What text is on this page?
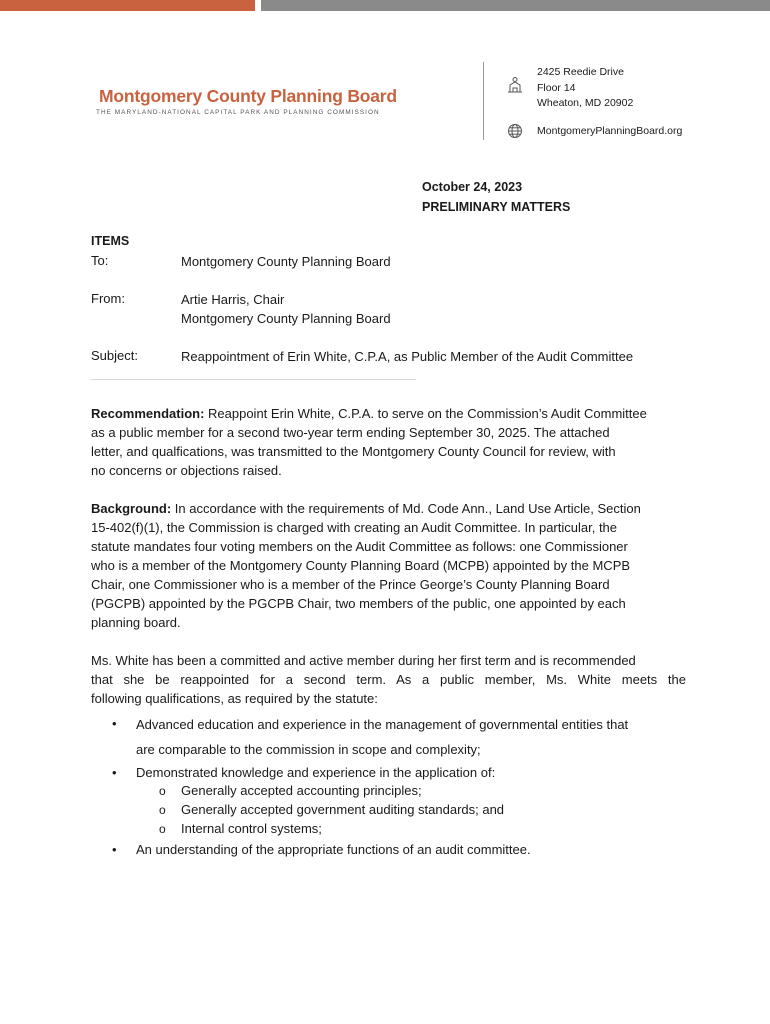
Montgomery County Planning Board
THE MARYLAND-NATIONAL CAPITAL PARK AND PLANNING COMMISSION
2425 Reedie Drive
Floor 14
Wheaton, MD 20902
MontgomeryPlanningBoard.org
October 24, 2023
PRELIMINARY MATTERS
ITEMS
To:	Montgomery County Planning Board
From:	Artie Harris, Chair
Montgomery County Planning Board
Subject:	Reappointment of Erin White, C.P.A, as Public Member of the Audit Committee
Recommendation: Reappoint Erin White, C.P.A. to serve on the Commission’s Audit Committee
as a public member for a second two-year term ending September 30, 2025. The attached
letter, and qualfications, was transmitted to the Montgomery County Council for review, with
no concerns or objections raised.
Background: In accordance with the requirements of Md. Code Ann., Land Use Article, Section
15-402(f)(1), the Commission is charged with creating an Audit Committee. In particular, the
statute mandates four voting members on the Audit Committee as follows: one Commissioner
who is a member of the Montgomery County Planning Board (MCPB) appointed by the MCPB
Chair, one Commissioner who is a member of the Prince George’s County Planning Board
(PGCPB) appointed by the PGCPB Chair, two members of the public, one appointed by each
planning board.
Ms. White has been a committed and active member during her first term and is recommended
that she be reappointed for a second term. As a public member, Ms. White meets the
following qualifications, as required by the statute:
• Advanced education and experience in the management of governmental entities that
are comparable to the commission in scope and complexity;
• Demonstrated knowledge and experience in the application of:
o Generally accepted accounting principles;
o Generally accepted government auditing standards; and
o Internal control systems;
• An understanding of the appropriate functions of an audit committee.
